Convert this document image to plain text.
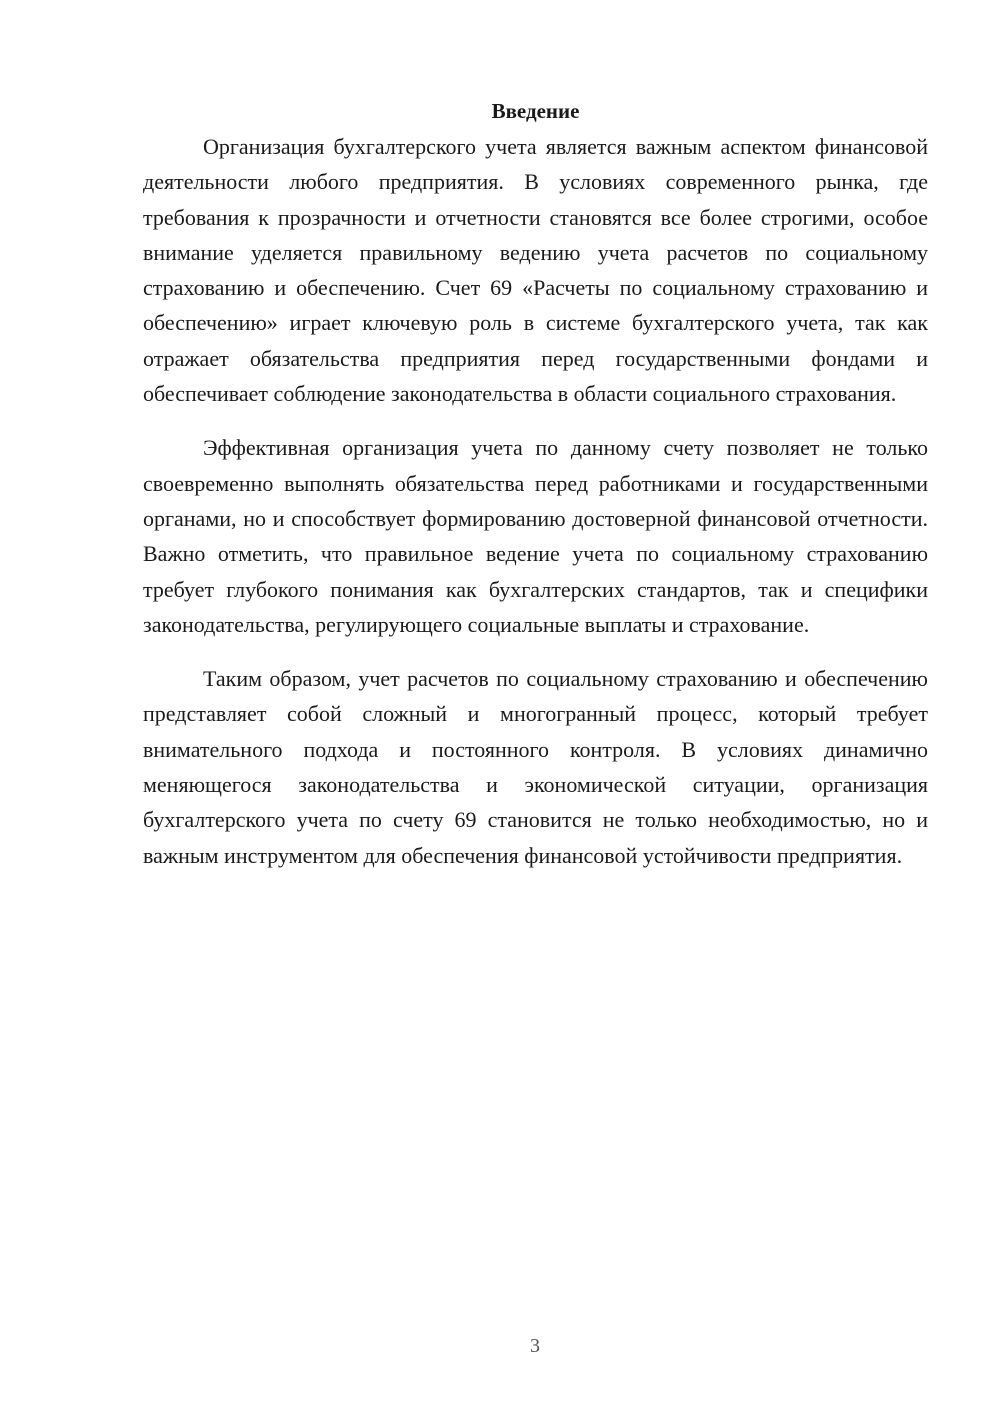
Введение

Организация бухгалтерского учета является важным аспектом финансовой деятельности любого предприятия. В условиях современного рынка, где требования к прозрачности и отчетности становятся все более строгими, особое внимание уделяется правильному ведению учета расчетов по социальному страхованию и обеспечению. Счет 69 «Расчеты по социальному страхованию и обеспечению» играет ключевую роль в системе бухгалтерского учета, так как отражает обязательства предприятия перед государственными фондами и обеспечивает соблюдение законодательства в области социального страхования.

Эффективная организация учета по данному счету позволяет не только своевременно выполнять обязательства перед работниками и государственными органами, но и способствует формированию достоверной финансовой отчетности. Важно отметить, что правильное ведение учета по социальному страхованию требует глубокого понимания как бухгалтерских стандартов, так и специфики законодательства, регулирующего социальные выплаты и страхование.

Таким образом, учет расчетов по социальному страхованию и обеспечению представляет собой сложный и многогранный процесс, который требует внимательного подхода и постоянного контроля. В условиях динамично меняющегося законодательства и экономической ситуации, организация бухгалтерского учета по счету 69 становится не только необходимостью, но и важным инструментом для обеспечения финансовой устойчивости предприятия.

3
